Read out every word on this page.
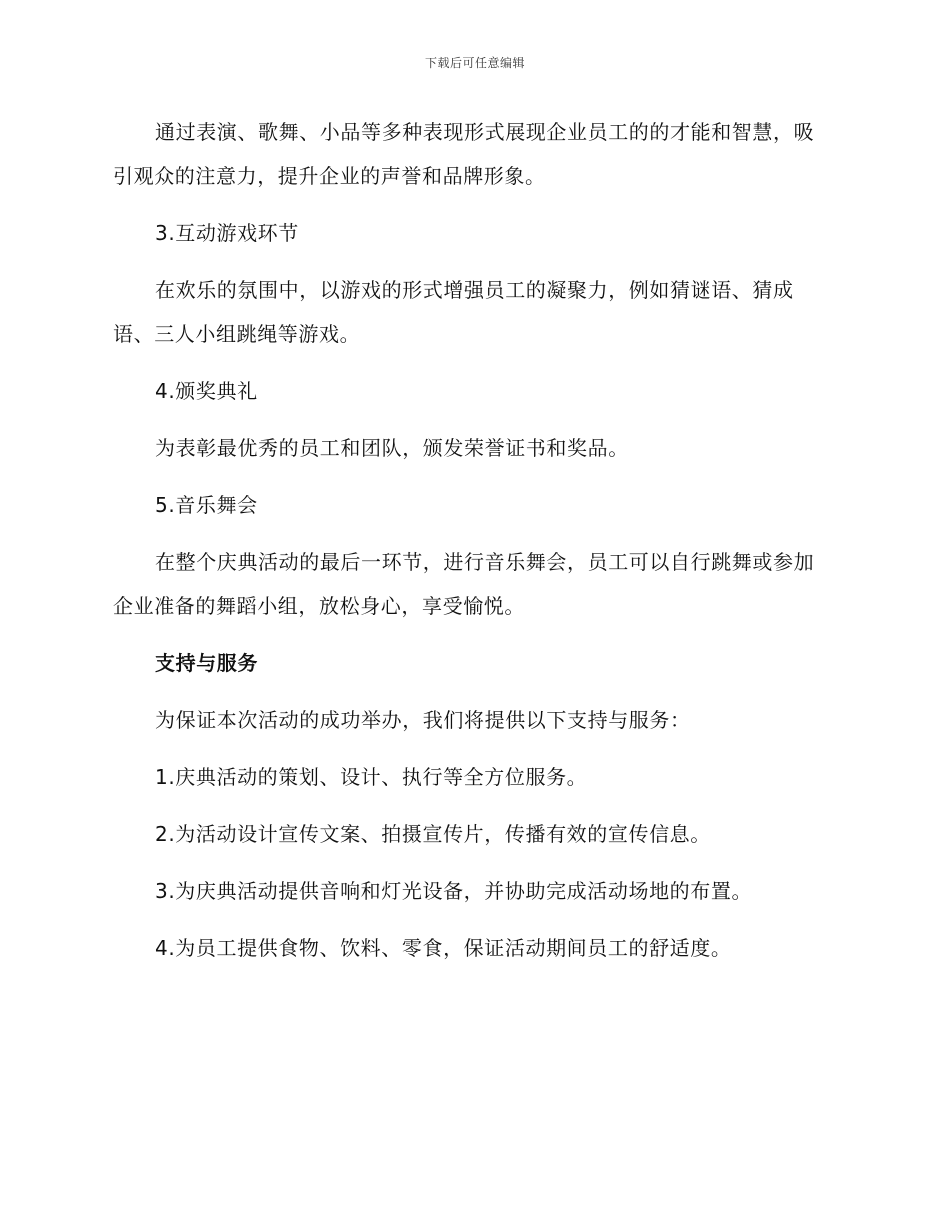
下载后可任意编辑

通过表演、歌舞、小品等多种表现形式展现企业员工的的才能和智慧，吸引观众的注意力，提升企业的声誉和品牌形象。

3.互动游戏环节

在欢乐的氛围中，以游戏的形式增强员工的凝聚力，例如猜谜语、猜成语、三人小组跳绳等游戏。

4.颁奖典礼

为表彰最优秀的员工和团队，颁发荣誉证书和奖品。

5.音乐舞会

在整个庆典活动的最后一环节，进行音乐舞会，员工可以自行跳舞或参加企业准备的舞蹈小组，放松身心，享受愉悦。

支持与服务

为保证本次活动的成功举办，我们将提供以下支持与服务：

1.庆典活动的策划、设计、执行等全方位服务。

2.为活动设计宣传文案、拍摄宣传片，传播有效的宣传信息。

3.为庆典活动提供音响和灯光设备，并协助完成活动场地的布置。

4.为员工提供食物、饮料、零食，保证活动期间员工的舒适度。
